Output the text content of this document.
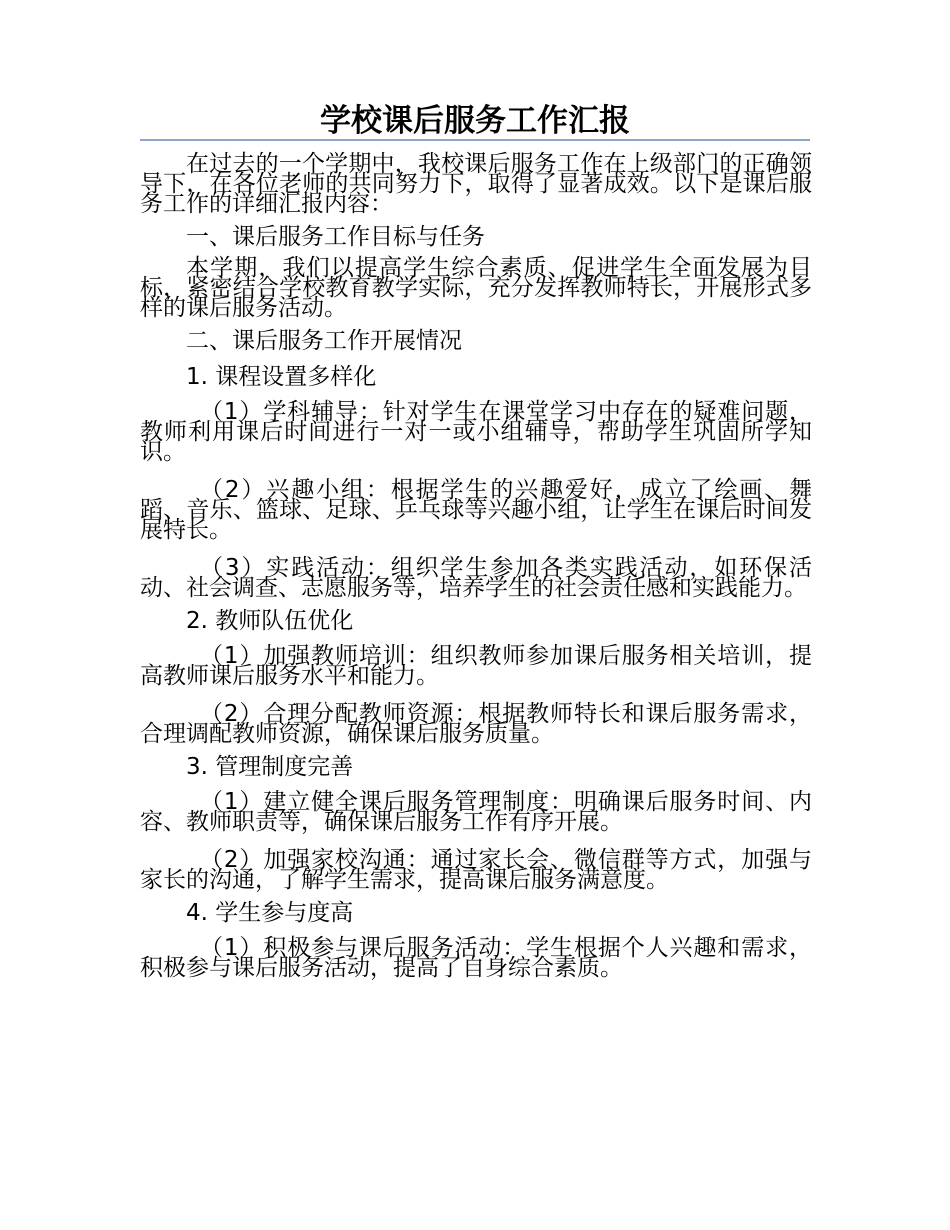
学校课后服务工作汇报

在过去的一个学期中，我校课后服务工作在上级部门的正确领导下，在各位老师的共同努力下，取得了显著成效。以下是课后服务工作的详细汇报内容：

一、课后服务工作目标与任务

本学期，我们以提高学生综合素质、促进学生全面发展为目标，紧密结合学校教育教学实际，充分发挥教师特长，开展形式多样的课后服务活动。

二、课后服务工作开展情况

1. 课程设置多样化

（1）学科辅导：针对学生在课堂学习中存在的疑难问题，教师利用课后时间进行一对一或小组辅导，帮助学生巩固所学知识。

（2）兴趣小组：根据学生的兴趣爱好，成立了绘画、舞蹈、音乐、篮球、足球、乒乓球等兴趣小组，让学生在课后时间发展特长。

（3）实践活动：组织学生参加各类实践活动，如环保活动、社会调查、志愿服务等，培养学生的社会责任感和实践能力。

2. 教师队伍优化

（1）加强教师培训：组织教师参加课后服务相关培训，提高教师课后服务水平和能力。

（2）合理分配教师资源：根据教师特长和课后服务需求，合理调配教师资源，确保课后服务质量。

3. 管理制度完善

（1）建立健全课后服务管理制度：明确课后服务时间、内容、教师职责等，确保课后服务工作有序开展。

（2）加强家校沟通：通过家长会、微信群等方式，加强与家长的沟通，了解学生需求，提高课后服务满意度。

4. 学生参与度高

（1）积极参与课后服务活动：学生根据个人兴趣和需求，积极参与课后服务活动，提高了自身综合素质。
